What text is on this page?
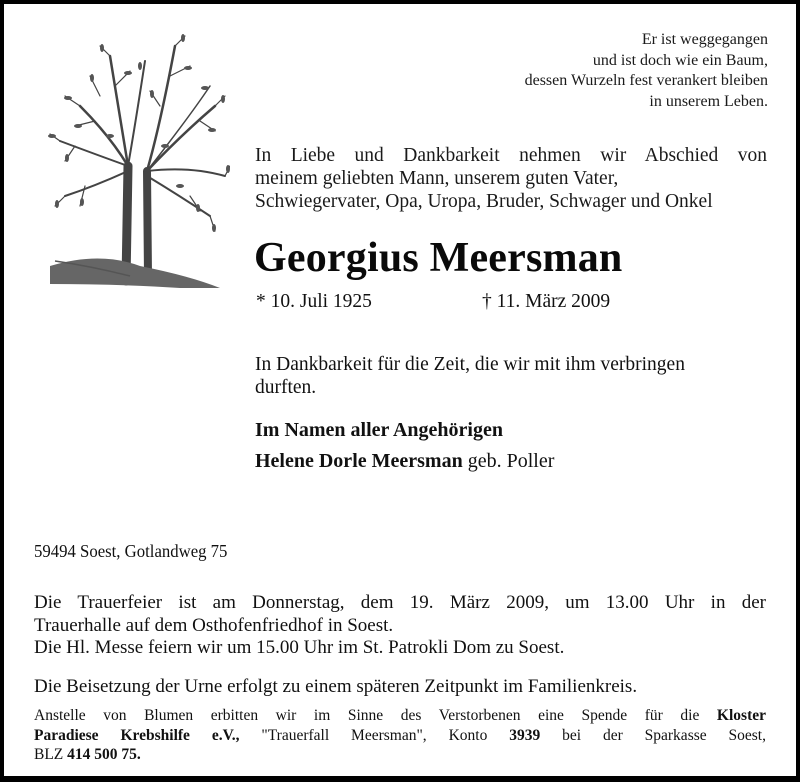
Er ist weggegangen
und ist doch wie ein Baum,
dessen Wurzeln fest verankert bleiben
in unserem Leben.
In Liebe und Dankbarkeit nehmen wir Abschied von
meinem geliebten Mann, unserem guten Vater,
Schwiegervater, Opa, Uropa, Bruder, Schwager und Onkel
Georgius Meersman
* 10. Juli 1925	† 11. März 2009
In Dankbarkeit für die Zeit, die wir mit ihm verbringen
durften.
Im Namen aller Angehörigen
Helene Dorle Meersman geb. Poller
59494 Soest, Gotlandweg 75
Die Trauerfeier ist am Donnerstag, dem 19. März 2009, um 13.00 Uhr in der
Trauerhalle auf dem Osthofenfriedhof in Soest.
Die Hl. Messe feiern wir um 15.00 Uhr im St. Patrokli Dom zu Soest.
Die Beisetzung der Urne erfolgt zu einem späteren Zeitpunkt im Familienkreis.
Anstelle von Blumen erbitten wir im Sinne des Verstorbenen eine Spende für die Kloster
Paradiese Krebshilfe e.V., "Trauerfall Meersman", Konto 3939 bei der Sparkasse Soest,
BLZ 414 500 75.
